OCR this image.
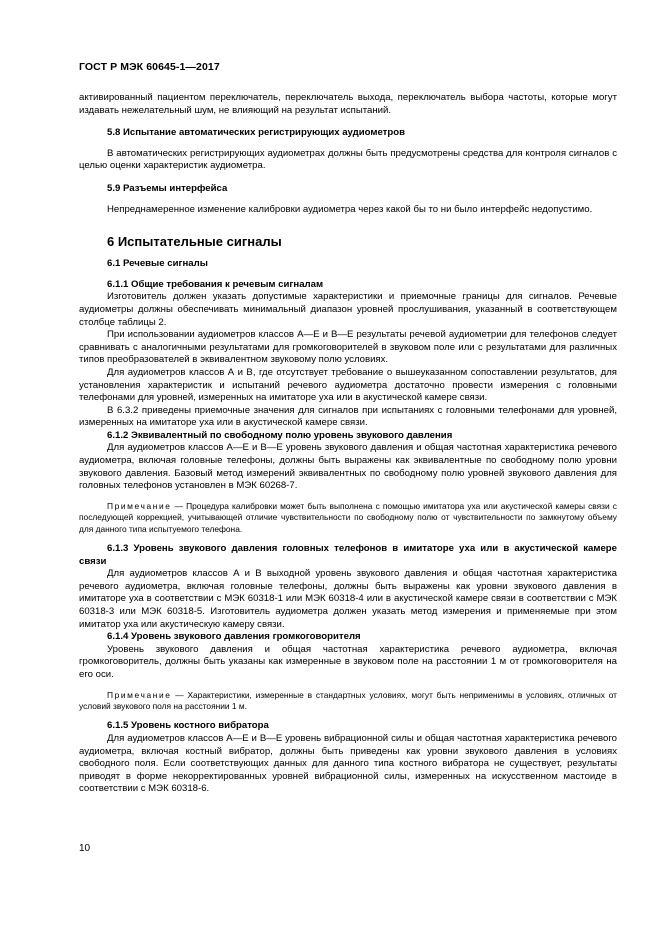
ГОСТ Р МЭК 60645-1—2017

активированный пациентом переключатель, переключатель выхода, переключатель выбора частоты, которые могут издавать нежелательный шум, не влияющий на результат испытаний.

5.8 Испытание автоматических регистрирующих аудиометров

В автоматических регистрирующих аудиометрах должны быть предусмотрены средства для контроля сигналов с целью оценки характеристик аудиометра.

5.9 Разъемы интерфейса

Непреднамеренное изменение калибровки аудиометра через какой бы то ни было интерфейс недопустимо.

6 Испытательные сигналы

6.1 Речевые сигналы

6.1.1 Общие требования к речевым сигналам

Изготовитель должен указать допустимые характеристики и приемочные границы для сигналов. Речевые аудиометры должны обеспечивать минимальный диапазон уровней прослушивания, указанный в соответствующем столбце таблицы 2.

При использовании аудиометров классов А—Е и В—Е результаты речевой аудиометрии для телефонов следует сравнивать с аналогичными результатами для громкоговорителей в звуковом поле или с результатами для различных типов преобразователей в эквивалентном звуковому полю условиях.

Для аудиометров классов А и В, где отсутствует требование о вышеуказанном сопоставлении результатов, для установления характеристик и испытаний речевого аудиометра достаточно провести измерения с головными телефонами для уровней, измеренных на имитаторе уха или в акустической камере связи.

В 6.3.2 приведены приемочные значения для сигналов при испытаниях с головными телефонами для уровней, измеренных на имитаторе уха или в акустической камере связи.

6.1.2 Эквивалентный по свободному полю уровень звукового давления

Для аудиометров классов А—Е и В—Е уровень звукового давления и общая частотная характеристика речевого аудиометра, включая головные телефоны, должны быть выражены как эквивалентные по свободному полю уровни звукового давления. Базовый метод измерений эквивалентных по свободному полю уровней звукового давления для головных телефонов установлен в МЭК 60268-7.

Примечание — Процедура калибровки может быть выполнена с помощью имитатора уха или акустической камеры связи с последующей коррекцией, учитывающей отличие чувствительности по свободному полю от чувствительности по замкнутому объему для данного типа испытуемого телефона.

6.1.3 Уровень звукового давления головных телефонов в имитаторе уха или в акустической камере связи

Для аудиометров классов А и В выходной уровень звукового давления и общая частотная характеристика речевого аудиометра, включая головные телефоны, должны быть выражены как уровни звукового давления в имитаторе уха в соответствии с МЭК 60318-1 или МЭК 60318-4 или в акустической камере связи в соответствии с МЭК 60318-3 или МЭК 60318-5. Изготовитель аудиометра должен указать метод измерения и применяемые при этом имитатор уха или акустическую камеру связи.

6.1.4 Уровень звукового давления громкоговорителя

Уровень звукового давления и общая частотная характеристика речевого аудиометра, включая громкоговоритель, должны быть указаны как измеренные в звуковом поле на расстоянии 1 м от громкоговорителя на его оси.

Примечание — Характеристики, измеренные в стандартных условиях, могут быть неприменимы в условиях, отличных от условий звукового поля на расстоянии 1 м.

6.1.5 Уровень костного вибратора

Для аудиометров классов А—Е и В—Е уровень вибрационной силы и общая частотная характеристика речевого аудиометра, включая костный вибратор, должны быть приведены как уровни звукового давления в условиях свободного поля. Если соответствующих данных для данного типа костного вибратора не существует, результаты приводят в форме некорректированных уровней вибрационной силы, измеренных на искусственном мастоиде в соответствии с МЭК 60318-6.

10
